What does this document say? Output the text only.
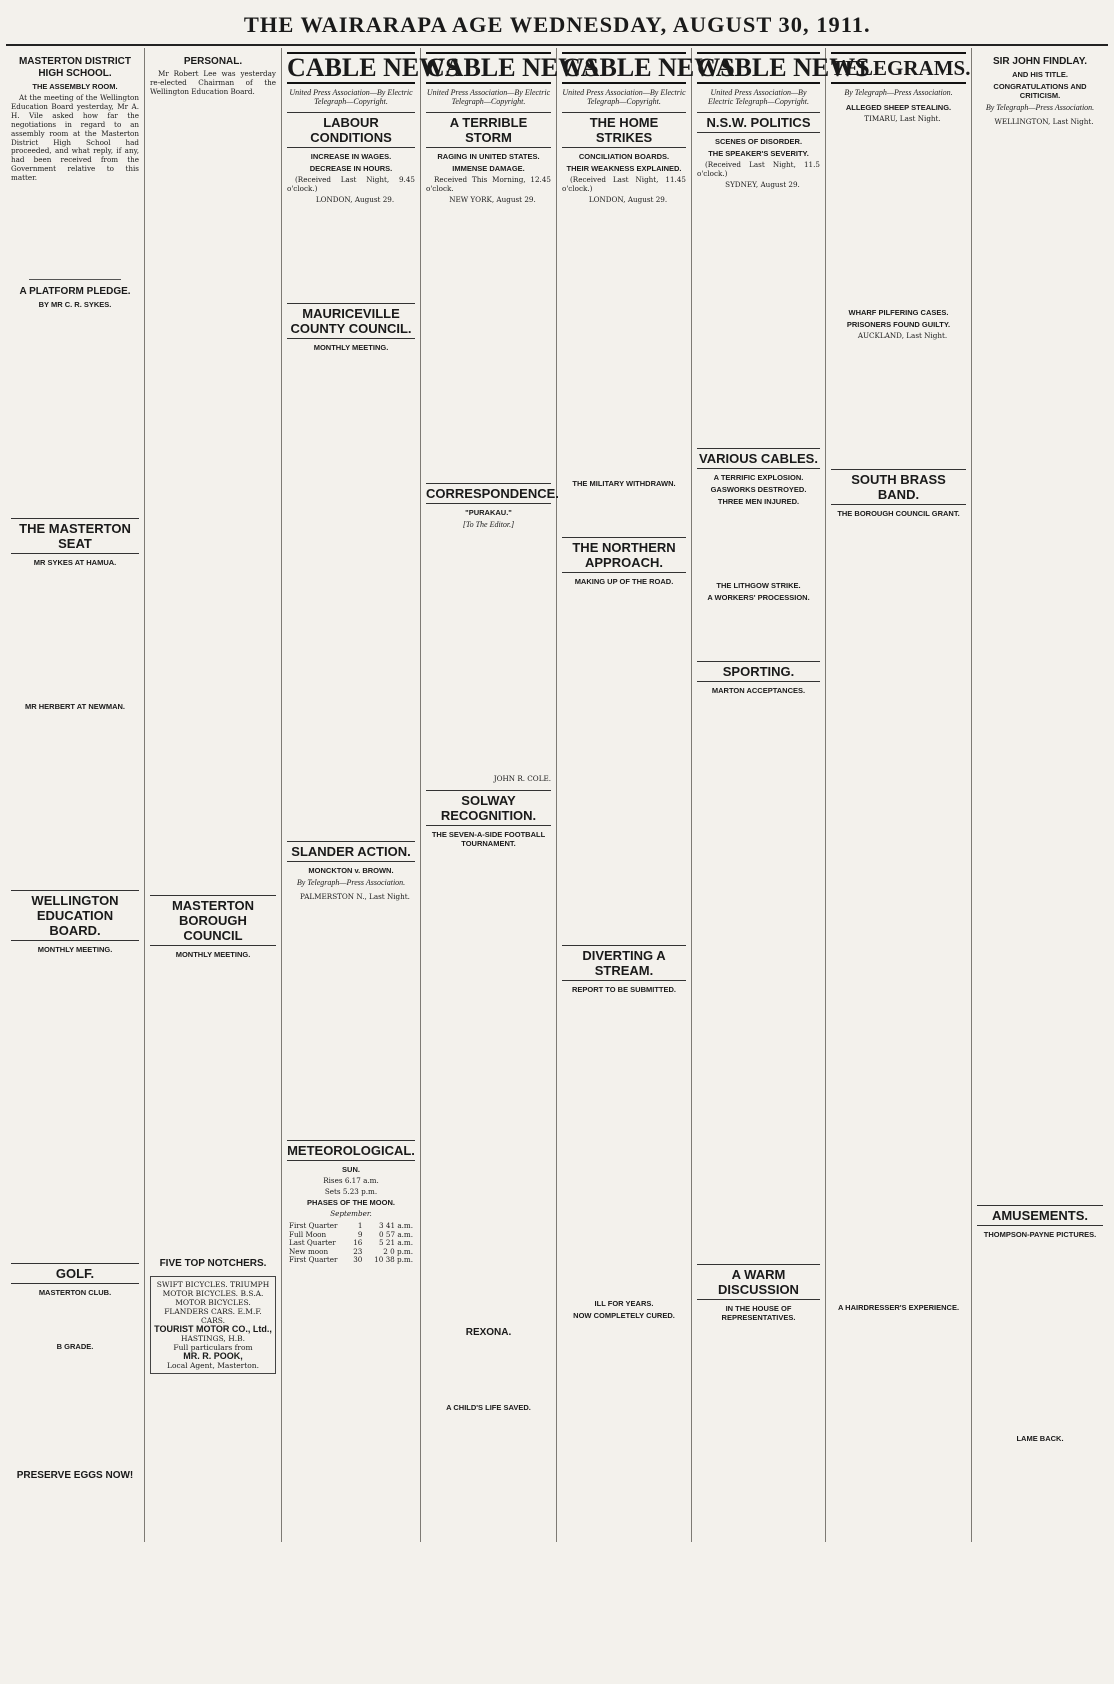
THE WAIRARAPA AGE WEDNESDAY, AUGUST 30, 1911.
MASTERTON DISTRICT HIGH SCHOOL.
THE ASSEMBLY ROOM.

At the meeting of the Wellington Education Board yesterday, Mr A. H. Vile asked how far the negotiations in regard to an assembly room at the Masterton District High School had proceeded, and what reply, if any, had been received from the Government relative to this matter.

A PLATFORM PLEDGE.
BY MR C. R. SYKES.
THE MASTERTON SEAT
MR SYKES AT HAMUA.
MR HERBERT AT NEWMAN.
WELLINGTON EDUCATION BOARD.
MONTHLY MEETING.
GOLF.
MASTERTON CLUB.
B GRADE.
PRESERVE EGGS NOW!
PERSONAL.

Mr Robert Lee was yesterday re-elected Chairman of the Wellington Education Board.

MASTERTON BOROUGH COUNCIL
MONTHLY MEETING.
FIVE TOP NOTCHERS.
SWIFT BICYCLES. TRIUMPH MOTOR BICYCLES. B.S.A. MOTOR BICYCLES. FLANDERS CARS. E.M.F. CARS.
TOURIST MOTOR CO., Ltd.,
HASTINGS, H.B.
Full particulars from
MR. R. POOK,
Local Agent, Masterton.
CABLE NEWS
United Press Association—By Electric Telegraph—Copyright.
LABOUR CONDITIONS
INCREASE IN WAGES.
DECREASE IN HOURS.

(Received Last Night, 9.45 o'clock.)

LONDON, August 29.

MAURICEVILLE COUNTY COUNCIL.
MONTHLY MEETING.
SLANDER ACTION.
MONCKTON v. BROWN.
By Telegraph—Press Association.

PALMERSTON N., Last Night.

METEOROLOGICAL.
SUN.
Rises 6.17 a.m.
Sets 5.23 p.m.
PHASES OF THE MOON.
September.
First Quarter	1	3 41 a.m.
Full Moon	9	0 57 a.m.
Last Quarter	16	5 21 a.m.
New moon	23	2 0 p.m.
First Quarter	30	10 38 p.m.
CABLE NEWS
United Press Association—By Electric Telegraph—Copyright.
A TERRIBLE STORM
RAGING IN UNITED STATES.
IMMENSE DAMAGE.

Received This Morning, 12.45 o'clock.

NEW YORK, August 29.

CORRESPONDENCE.
"PURAKAU."
[To The Editor.]

JOHN R. COLE.

SOLWAY RECOGNITION.
THE SEVEN-A-SIDE FOOTBALL TOURNAMENT.
REXONA.
A CHILD'S LIFE SAVED.
CABLE NEWS
United Press Association—By Electric Telegraph—Copyright.
THE HOME STRIKES
CONCILIATION BOARDS.
THEIR WEAKNESS EXPLAINED.

(Received Last Night, 11.45 o'clock.)

LONDON, August 29.

THE MILITARY WITHDRAWN.
THE NORTHERN APPROACH.
MAKING UP OF THE ROAD.
DIVERTING A STREAM.
REPORT TO BE SUBMITTED.
ILL FOR YEARS.
NOW COMPLETELY CURED.
CABLE NEWS
United Press Association—By Electric Telegraph—Copyright.
N.S.W. POLITICS
SCENES OF DISORDER.
THE SPEAKER'S SEVERITY.

(Received Last Night, 11.5 o'clock.)

SYDNEY, August 29.

VARIOUS CABLES.
A TERRIFIC EXPLOSION.
GASWORKS DESTROYED.
THREE MEN INJURED.
THE LITHGOW STRIKE.
A WORKERS' PROCESSION.
SPORTING.
MARTON ACCEPTANCES.
A WARM DISCUSSION
IN THE HOUSE OF REPRESENTATIVES.
TELEGRAMS.
By Telegraph—Press Association.
ALLEGED SHEEP STEALING.

TIMARU, Last Night.

WHARF PILFERING CASES.
PRISONERS FOUND GUILTY.

AUCKLAND, Last Night.

SOUTH BRASS BAND.
THE BOROUGH COUNCIL GRANT.
A HAIRDRESSER'S EXPERIENCE.
SIR JOHN FINDLAY.
AND HIS TITLE.
CONGRATULATIONS AND CRITICISM.
By Telegraph—Press Association.

WELLINGTON, Last Night.

AMUSEMENTS.
THOMPSON-PAYNE PICTURES.
LAME BACK.
